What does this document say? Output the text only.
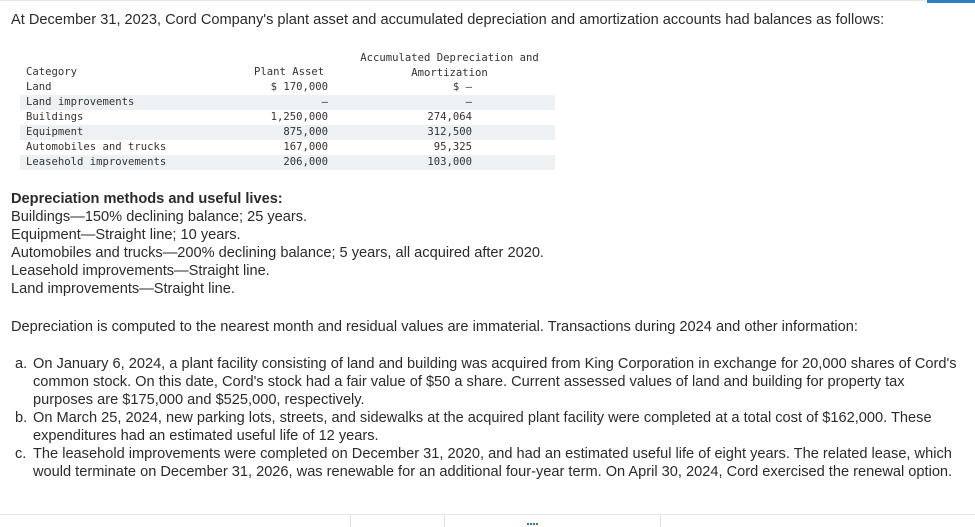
At December 31, 2023, Cord Company's plant asset and accumulated depreciation and amortization accounts had balances as follows:
Category	Plant Asset
Accumulated Depreciation and
Amortization
Land	$ 170,000	$ –
Land improvements	–	–
Buildings	1,250,000	274,064
Equipment	875,000	312,500
Automobiles and trucks	167,000	95,325
Leasehold improvements	206,000	103,000
Depreciation methods and useful lives:
Buildings—150% declining balance; 25 years.
Equipment—Straight line; 10 years.
Automobiles and trucks—200% declining balance; 5 years, all acquired after 2020.
Leasehold improvements—Straight line.
Land improvements—Straight line.
Depreciation is computed to the nearest month and residual values are immaterial. Transactions during 2024 and other information:
a. On January 6, 2024, a plant facility consisting of land and building was acquired from King Corporation in exchange for 20,000 shares of Cord's common stock. On this date, Cord's stock had a fair value of $50 a share. Current assessed values of land and building for property tax purposes are $175,000 and $525,000, respectively.
b. On March 25, 2024, new parking lots, streets, and sidewalks at the acquired plant facility were completed at a total cost of $162,000. These expenditures had an estimated useful life of 12 years.
c. The leasehold improvements were completed on December 31, 2020, and had an estimated useful life of eight years. The related lease, which would terminate on December 31, 2026, was renewable for an additional four-year term. On April 30, 2024, Cord exercised the renewal option.
